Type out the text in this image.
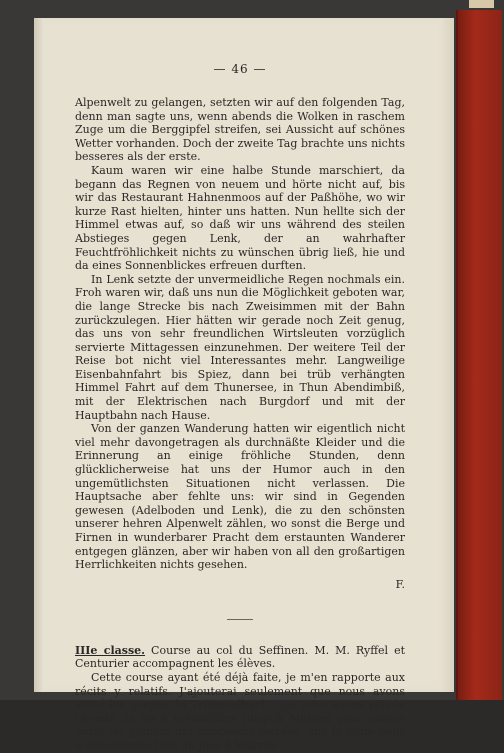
— 46 —

Alpenwelt zu gelangen, setzten wir auf den folgenden Tag, denn man sagte uns, wenn abends die Wolken in raschem Zuge um die Berggipfel streifen, sei Aussicht auf schönes Wetter vorhanden. Doch der zweite Tag brachte uns nichts besseres als der erste.

Kaum waren wir eine halbe Stunde marschiert, da begann das Regnen von neuem und hörte nicht auf, bis wir das Restaurant Hahnenmoos auf der Paßhöhe, wo wir kurze Rast hielten, hinter uns hatten. Nun hellte sich der Himmel etwas auf, so daß wir uns während des steilen Abstieges gegen Lenk, der an wahrhafter Feuchtfröhlichkeit nichts zu wünschen übrig ließ, hie und da eines Sonnenblickes erfreuen durften.

In Lenk setzte der unvermeidliche Regen nochmals ein. Froh waren wir, daß uns nun die Möglichkeit geboten war, die lange Strecke bis nach Zweisimmen mit der Bahn zurückzulegen. Hier hätten wir gerade noch Zeit genug, das uns von sehr freundlichen Wirtsleuten vorzüglich servierte Mittagessen einzunehmen. Der weitere Teil der Reise bot nicht viel Interessantes mehr. Langweilige Eisenbahnfahrt bis Spiez, dann bei trüb verhängten Himmel Fahrt auf dem Thunersee, in Thun Abendimbiß, mit der Elektrischen nach Burgdorf und mit der Hauptbahn nach Hause.

Von der ganzen Wanderung hatten wir eigentlich nicht viel mehr davongetragen als durchnäßte Kleider und die Erinnerung an einige fröhliche Stunden, denn glücklicherweise hat uns der Humor auch in den ungemütlichsten Situationen nicht verlassen. Die Hauptsache aber fehlte uns: wir sind in Gegenden gewesen (Adelboden und Lenk), die zu den schönsten unserer hehren Alpenwelt zählen, wo sonst die Berge und Firnen in wunderbarer Pracht dem erstaunten Wanderer entgegen glänzen, aber wir haben von all den großartigen Herrlichkeiten nichts gesehen.

F.

IIIe classe. Course au col du Seffinen. M. M. Ryffel et Centurier accompagnent les élèves.

Cette course ayant été déjà faite, je m'en rapporte aux récits y relatifs. J'ajouterai seulement que nous avons visité les gorges du Trümmelbach, que nous avons pris le chemin de fer à crémaillère jusqu'à Mürren pour passer entre les gouttes qui tombaient serrées, que la pluie nous a immobilisés tout un jour à Mürren
